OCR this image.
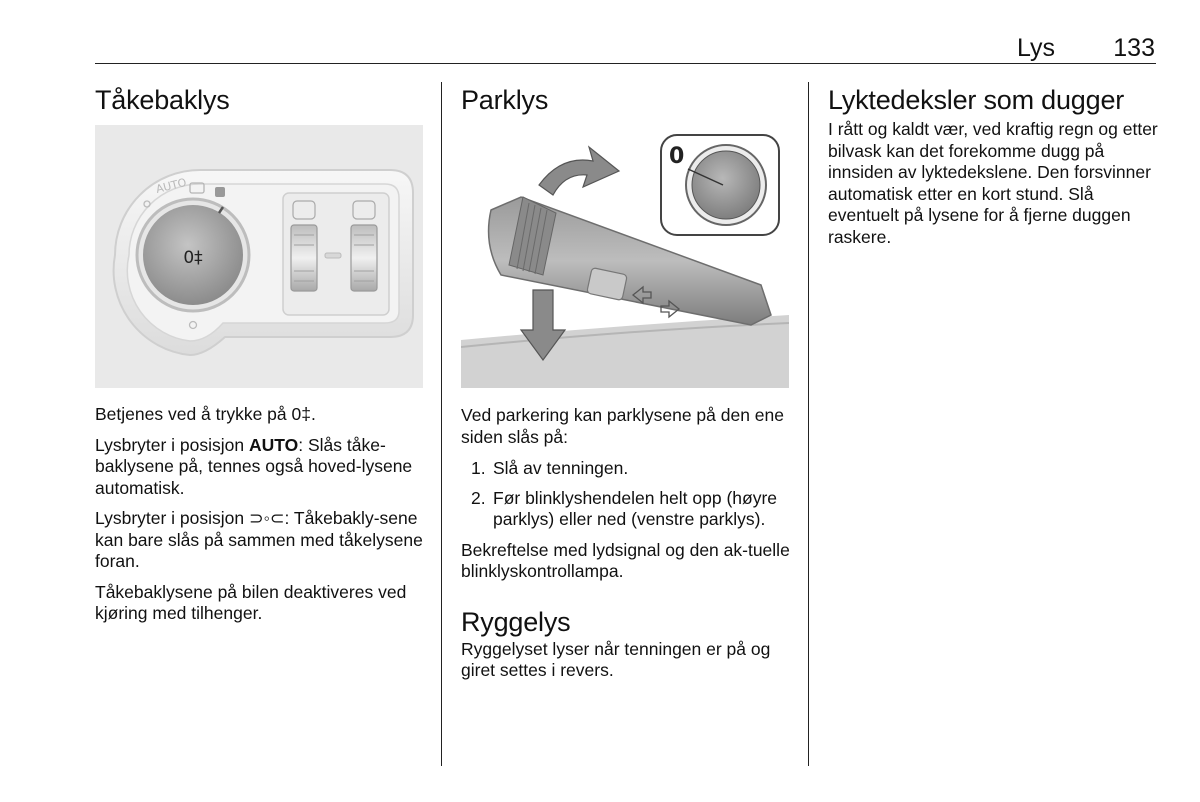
Lys 133
Tåkebaklys
0‡
AUTO

Betjenes ved å trykke på 0‡.

Lysbryter i posisjon AUTO: Slås tåke-baklysene på, tennes også hoved-lysene automatisk.

Lysbryter i posisjon ⊃◦⊂: Tåkebakly-sene kan bare slås på sammen med tåkelysene foran.

Tåkebaklysene på bilen deaktiveres ved kjøring med tilhenger.

Parklys
0

Ved parkering kan parklysene på den ene siden slås på:

1. Slå av tenningen.
2. Før blinklyshendelen helt opp (høyre parklys) eller ned (venstre parklys).

Bekreftelse med lydsignal og den ak-tuelle blinklyskontrollampa.

Ryggelys

Ryggelyset lyser når tenningen er på og giret settes i revers.

Lyktedeksler som dugger

I rått og kaldt vær, ved kraftig regn og etter bilvask kan det forekomme dugg på innsiden av lyktedekslene. Den forsvinner automatisk etter en kort stund. Slå eventuelt på lysene for å fjerne duggen raskere.
